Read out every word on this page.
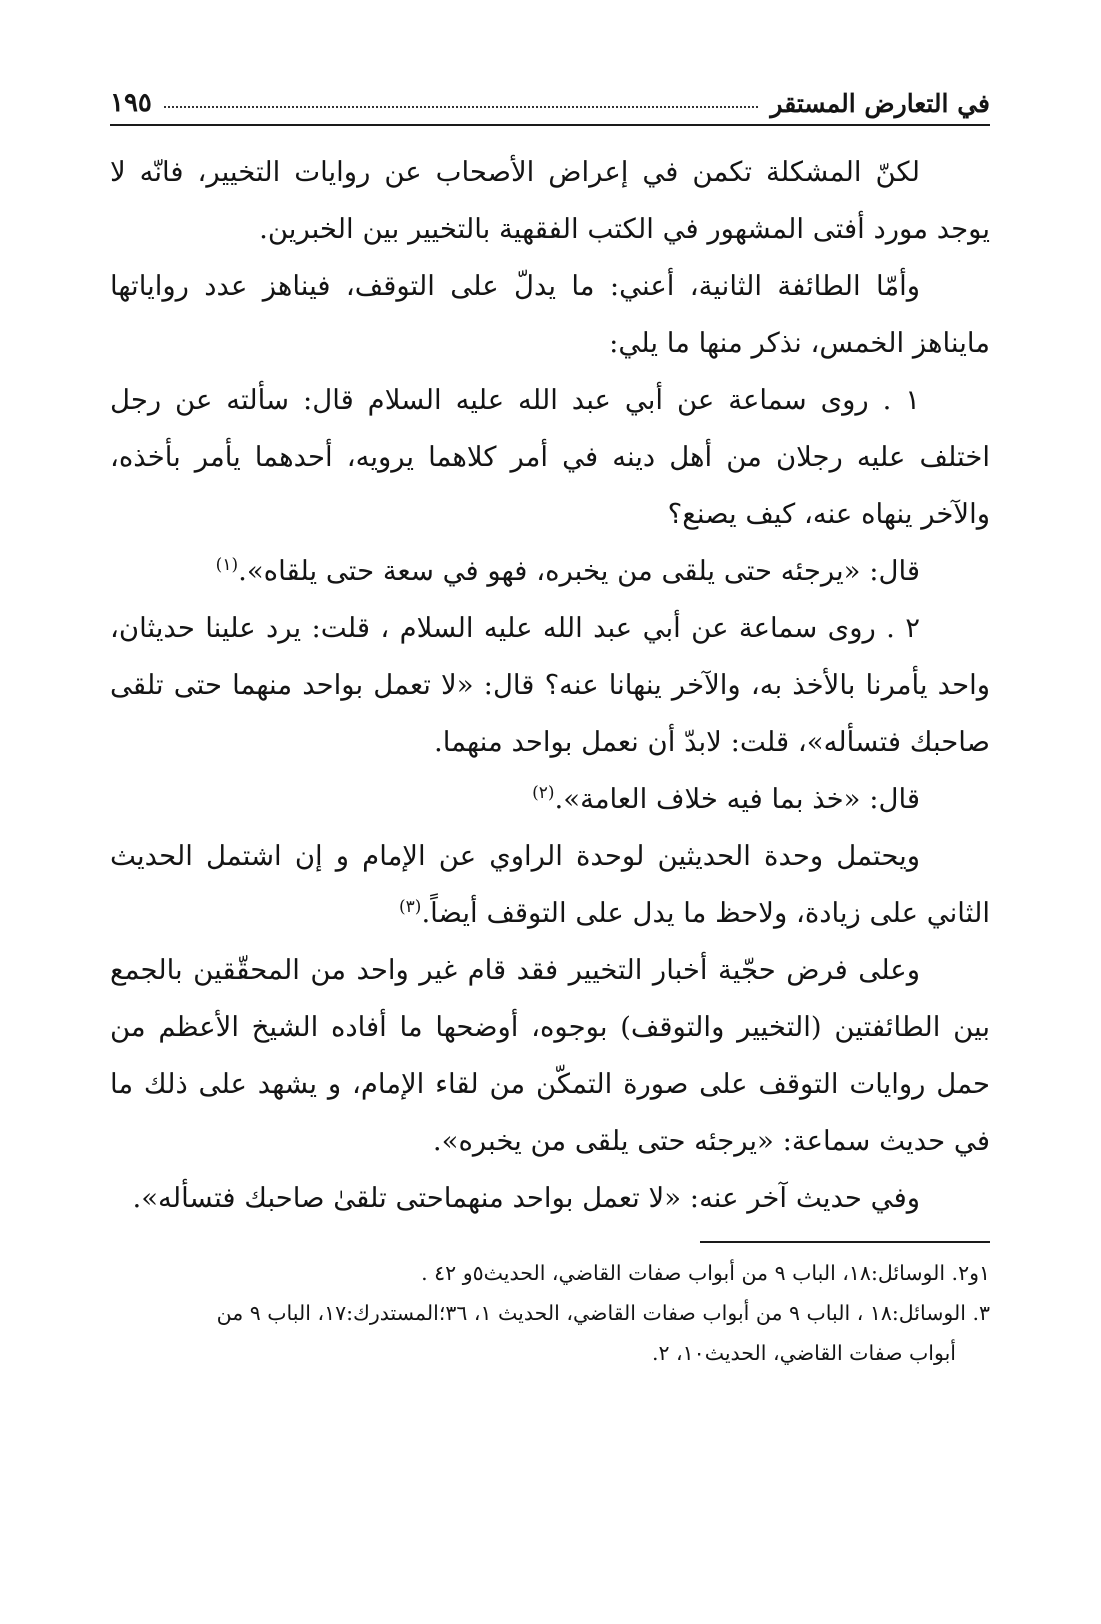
في التعارض المستقر
١٩٥

لكنّ المشكلة تكمن في إعراض الأصحاب عن روايات التخيير، فانّه لا يوجد مورد أفتى المشهور في الكتب الفقهية بالتخيير بين الخبرين.

وأمّا الطائفة الثانية، أعني: ما يدلّ على التوقف، فيناهز عدد رواياتها مايناهز الخمس، نذكر منها ما يلي:

١ . روى سماعة عن أبي عبد الله عليه السلام قال: سألته عن رجل اختلف عليه رجلان من أهل دينه في أمر كلاهما يرويه، أحدهما يأمر بأخذه، والآخر ينهاه عنه، كيف يصنع؟

قال: «يرجئه حتى يلقى من يخبره، فهو في سعة حتى يلقاه».$^{(١)}$

٢ . روى سماعة عن أبي عبد الله عليه السلام ، قلت: يرد علينا حديثان، واحد يأمرنا بالأخذ به، والآخر ينهانا عنه؟ قال: «لا تعمل بواحد منهما حتى تلقى صاحبك فتسأله»، قلت: لابدّ أن نعمل بواحد منهما.

قال: «خذ بما فيه خلاف العامة».$^{(٢)}$

ويحتمل وحدة الحديثين لوحدة الراوي عن الإمام و إن اشتمل الحديث الثاني على زيادة، ولاحظ ما يدل على التوقف أيضاً.$^{(٣)}$

وعلى فرض حجّية أخبار التخيير فقد قام غير واحد من المحقّقين بالجمع بين الطائفتين (التخيير والتوقف) بوجوه، أوضحها ما أفاده الشيخ الأعظم من حمل روايات التوقف على صورة التمكّن من لقاء الإمام، و يشهد على ذلك ما في حديث سماعة: «يرجئه حتى يلقى من يخبره».

وفي حديث آخر عنه: «لا تعمل بواحد منهماحتى تلقىٰ صاحبك فتسأله».

١و٢. الوسائل:١٨، الباب ٩ من أبواب صفات القاضي، الحديث٥و ٤٢ .

٣. الوسائل:١٨ ، الباب ٩ من أبواب صفات القاضي، الحديث ١، ٣٦؛المستدرك:١٧، الباب ٩ من

أبواب صفات القاضي، الحديث١٠، ٢.
